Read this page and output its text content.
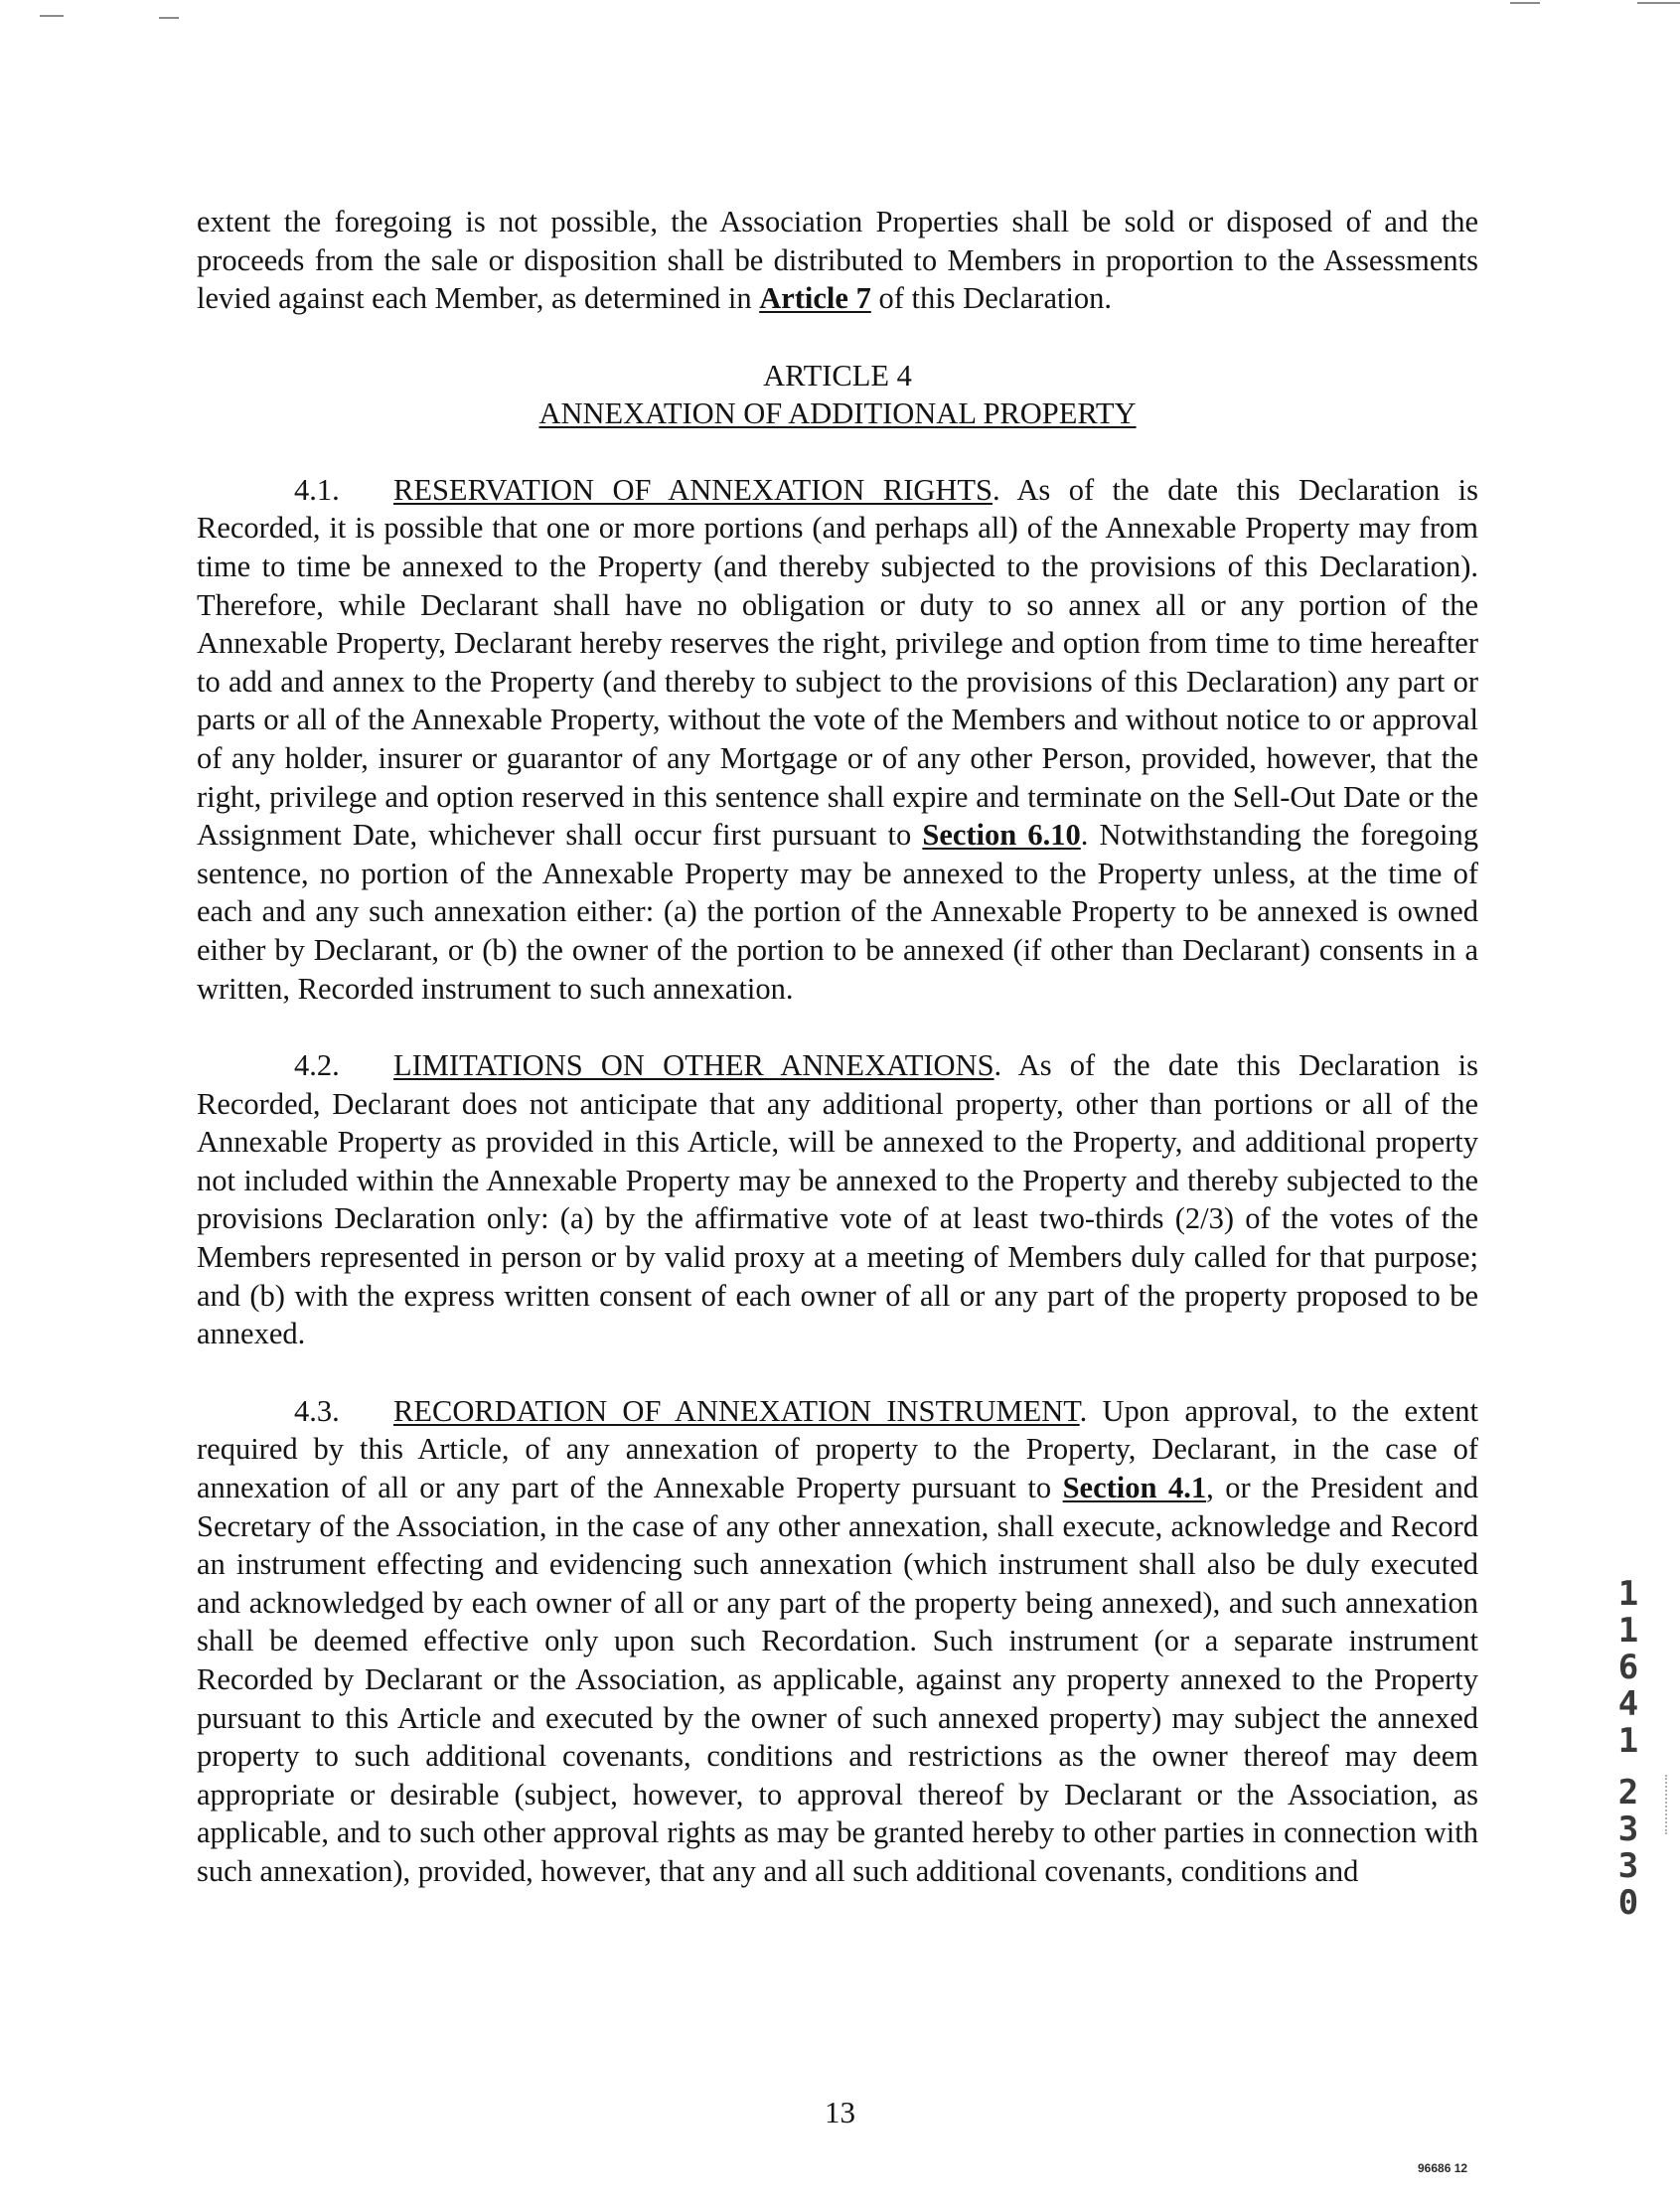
extent the foregoing is not possible, the Association Properties shall be sold or disposed of and the proceeds from the sale or disposition shall be distributed to Members in proportion to the Assessments levied against each Member, as determined in Article 7 of this Declaration.

ARTICLE 4
ANNEXATION OF ADDITIONAL PROPERTY

4.1. RESERVATION OF ANNEXATION RIGHTS. As of the date this Declaration is Recorded, it is possible that one or more portions (and perhaps all) of the Annexable Property may from time to time be annexed to the Property (and thereby subjected to the provisions of this Declaration). Therefore, while Declarant shall have no obligation or duty to so annex all or any portion of the Annexable Property, Declarant hereby reserves the right, privilege and option from time to time hereafter to add and annex to the Property (and thereby to subject to the provisions of this Declaration) any part or parts or all of the Annexable Property, without the vote of the Members and without notice to or approval of any holder, insurer or guarantor of any Mortgage or of any other Person, provided, however, that the right, privilege and option reserved in this sentence shall expire and terminate on the Sell-Out Date or the Assignment Date, whichever shall occur first pursuant to Section 6.10. Notwithstanding the foregoing sentence, no portion of the Annexable Property may be annexed to the Property unless, at the time of each and any such annexation either: (a) the portion of the Annexable Property to be annexed is owned either by Declarant, or (b) the owner of the portion to be annexed (if other than Declarant) consents in a written, Recorded instrument to such annexation.

4.2. LIMITATIONS ON OTHER ANNEXATIONS. As of the date this Declaration is Recorded, Declarant does not anticipate that any additional property, other than portions or all of the Annexable Property as provided in this Article, will be annexed to the Property, and additional property not included within the Annexable Property may be annexed to the Property and thereby subjected to the provisions Declaration only: (a) by the affirmative vote of at least two-thirds (2/3) of the votes of the Members represented in person or by valid proxy at a meeting of Members duly called for that purpose; and (b) with the express written consent of each owner of all or any part of the property proposed to be annexed.

4.3. RECORDATION OF ANNEXATION INSTRUMENT. Upon approval, to the extent required by this Article, of any annexation of property to the Property, Declarant, in the case of annexation of all or any part of the Annexable Property pursuant to Section 4.1, or the President and Secretary of the Association, in the case of any other annexation, shall execute, acknowledge and Record an instrument effecting and evidencing such annexation (which instrument shall also be duly executed and acknowledged by each owner of all or any part of the property being annexed), and such annexation shall be deemed effective only upon such Recordation. Such instrument (or a separate instrument Recorded by Declarant or the Association, as applicable, against any property annexed to the Property pursuant to this Article and executed by the owner of such annexed property) may subject the annexed property to such additional covenants, conditions and restrictions as the owner thereof may deem appropriate or desirable (subject, however, to approval thereof by Declarant or the Association, as applicable, and to such other approval rights as may be granted hereby to other parties in connection with such annexation), provided, however, that any and all such additional covenants, conditions and

1
1
6
4
1
2
3
3
0
13
96686 12
